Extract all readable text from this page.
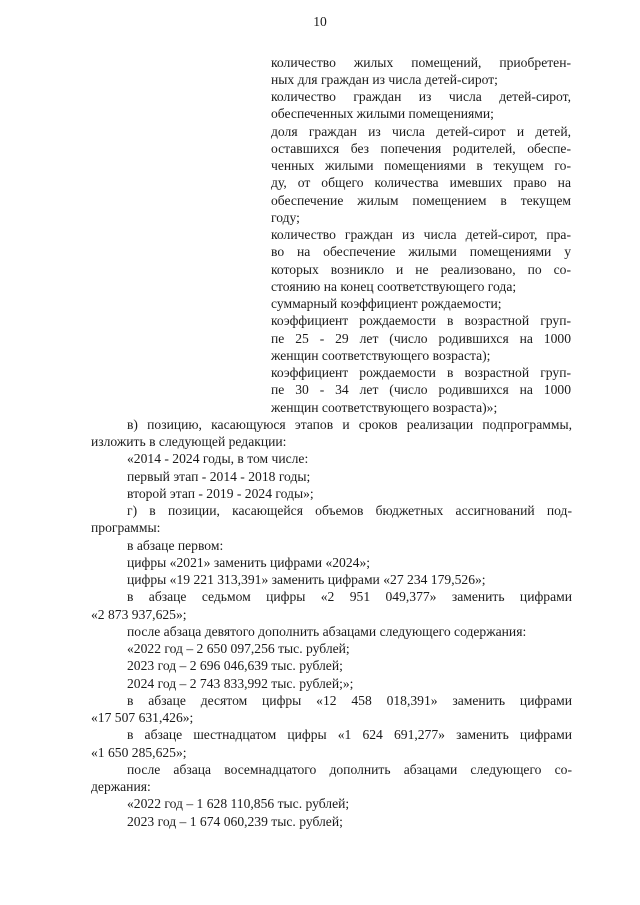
10
количество жилых помещений, приобретен-
ных для граждан из числа детей-сирот;
количество граждан из числа детей-сирот,
обеспеченных жилыми помещениями;
доля граждан из числа детей-сирот и детей,
оставшихся без попечения родителей, обеспе-
ченных жилыми помещениями в текущем го-
ду, от общего количества имевших право на
обеспечение жилым помещением в текущем
году;
количество граждан из числа детей-сирот, пра-
во на обеспечение жилыми помещениями у
которых возникло и не реализовано, по со-
стоянию на конец соответствующего года;
суммарный коэффициент рождаемости;
коэффициент рождаемости в возрастной груп-
пе 25 - 29 лет (число родившихся на 1000
женщин соответствующего возраста);
коэффициент рождаемости в возрастной груп-
пе 30 - 34 лет (число родившихся на 1000
женщин соответствующего возраста)»;
в) позицию, касающуюся этапов и сроков реализации подпрограммы,
изложить в следующей редакции:
«2014 - 2024 годы, в том числе:
первый этап - 2014 - 2018 годы;
второй этап - 2019 - 2024 годы»;
г) в позиции, касающейся объемов бюджетных ассигнований под-
программы:
в абзаце первом:
цифры «2021» заменить цифрами «2024»;
цифры «19 221 313,391» заменить цифрами «27 234 179,526»;
в абзаце седьмом цифры «2 951 049,377» заменить цифрами
«2 873 937,625»;
после абзаца девятого дополнить абзацами следующего содержания:
«2022 год – 2 650 097,256 тыс. рублей;
2023 год – 2 696 046,639 тыс. рублей;
2024 год – 2 743 833,992 тыс. рублей;»;
в абзаце десятом цифры «12 458 018,391» заменить цифрами
«17 507 631,426»;
в абзаце шестнадцатом цифры «1 624 691,277» заменить цифрами
«1 650 285,625»;
после абзаца восемнадцатого дополнить абзацами следующего со-
держания:
«2022 год – 1 628 110,856 тыс. рублей;
2023 год – 1 674 060,239 тыс. рублей;
